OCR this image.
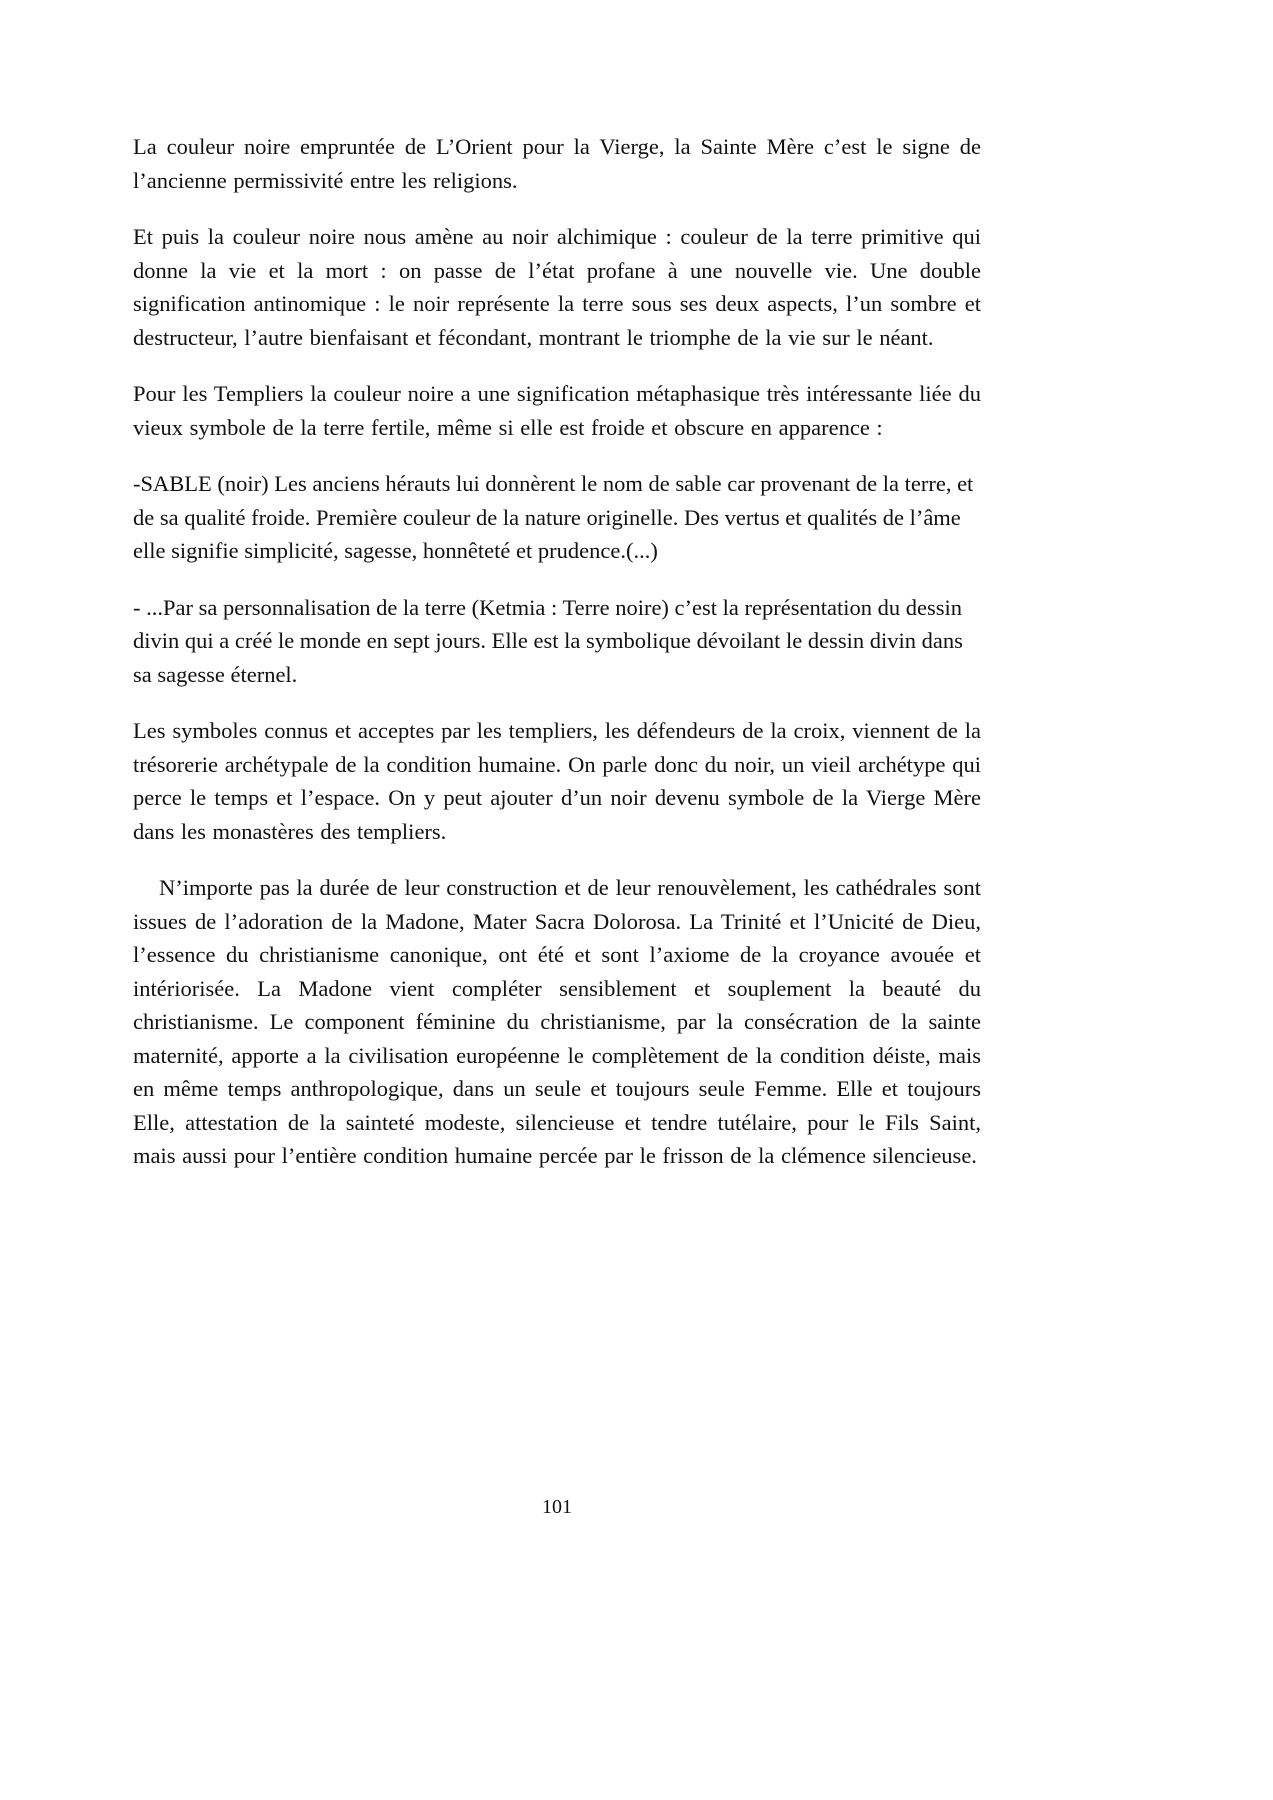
La couleur noire empruntée de L’Orient pour la Vierge, la Sainte Mère c’est le signe de l’ancienne permissivité entre les religions.

Et puis la couleur noire nous amène au noir alchimique : couleur de la terre primitive qui donne la vie et la mort : on passe de l’état profane à une nouvelle vie. Une double signification antinomique : le noir représente la terre sous ses deux aspects, l’un sombre et destructeur, l’autre bienfaisant et fécondant, montrant le triomphe de la vie sur le néant.

Pour les Templiers la couleur noire a une signification métaphasique très intéressante liée du vieux symbole de la terre fertile, même si elle est froide et obscure en apparence :

-SABLE (noir) Les anciens hérauts lui donnèrent le nom de sable car provenant de la terre, et de sa qualité froide. Première couleur de la nature originelle. Des vertus et qualités de l’âme elle signifie simplicité, sagesse, honnêteté et prudence.(...)

- ...Par sa personnalisation de la terre (Ketmia : Terre noire) c’est la représentation du dessin divin qui a créé le monde en sept jours. Elle est la symbolique dévoilant le dessin divin dans sa sagesse éternel.

Les symboles connus et acceptes par les templiers, les défendeurs de la croix, viennent de la trésorerie archétypale de la condition humaine. On parle donc du noir, un vieil archétype qui perce le temps et l’espace. On y peut ajouter d’un noir devenu symbole de la Vierge Mère dans les monastères des templiers.

N’importe pas la durée de leur construction et de leur renouvèlement, les cathédrales sont issues de l’adoration de la Madone, Mater Sacra Dolorosa. La Trinité et l’Unicité de Dieu, l’essence du christianisme canonique, ont été et sont l’axiome de la croyance avouée et intériorisée. La Madone vient compléter sensiblement et souplement la beauté du christianisme. Le component féminine du christianisme, par la consécration de la sainte maternité, apporte a la civilisation européenne le complètement de la condition déiste, mais en même temps anthropologique, dans un seule et toujours seule Femme. Elle et toujours Elle, attestation de la sainteté modeste, silencieuse et tendre tutélaire, pour le Fils Saint, mais aussi pour l’entière condition humaine percée par le frisson de la clémence silencieuse.

101
